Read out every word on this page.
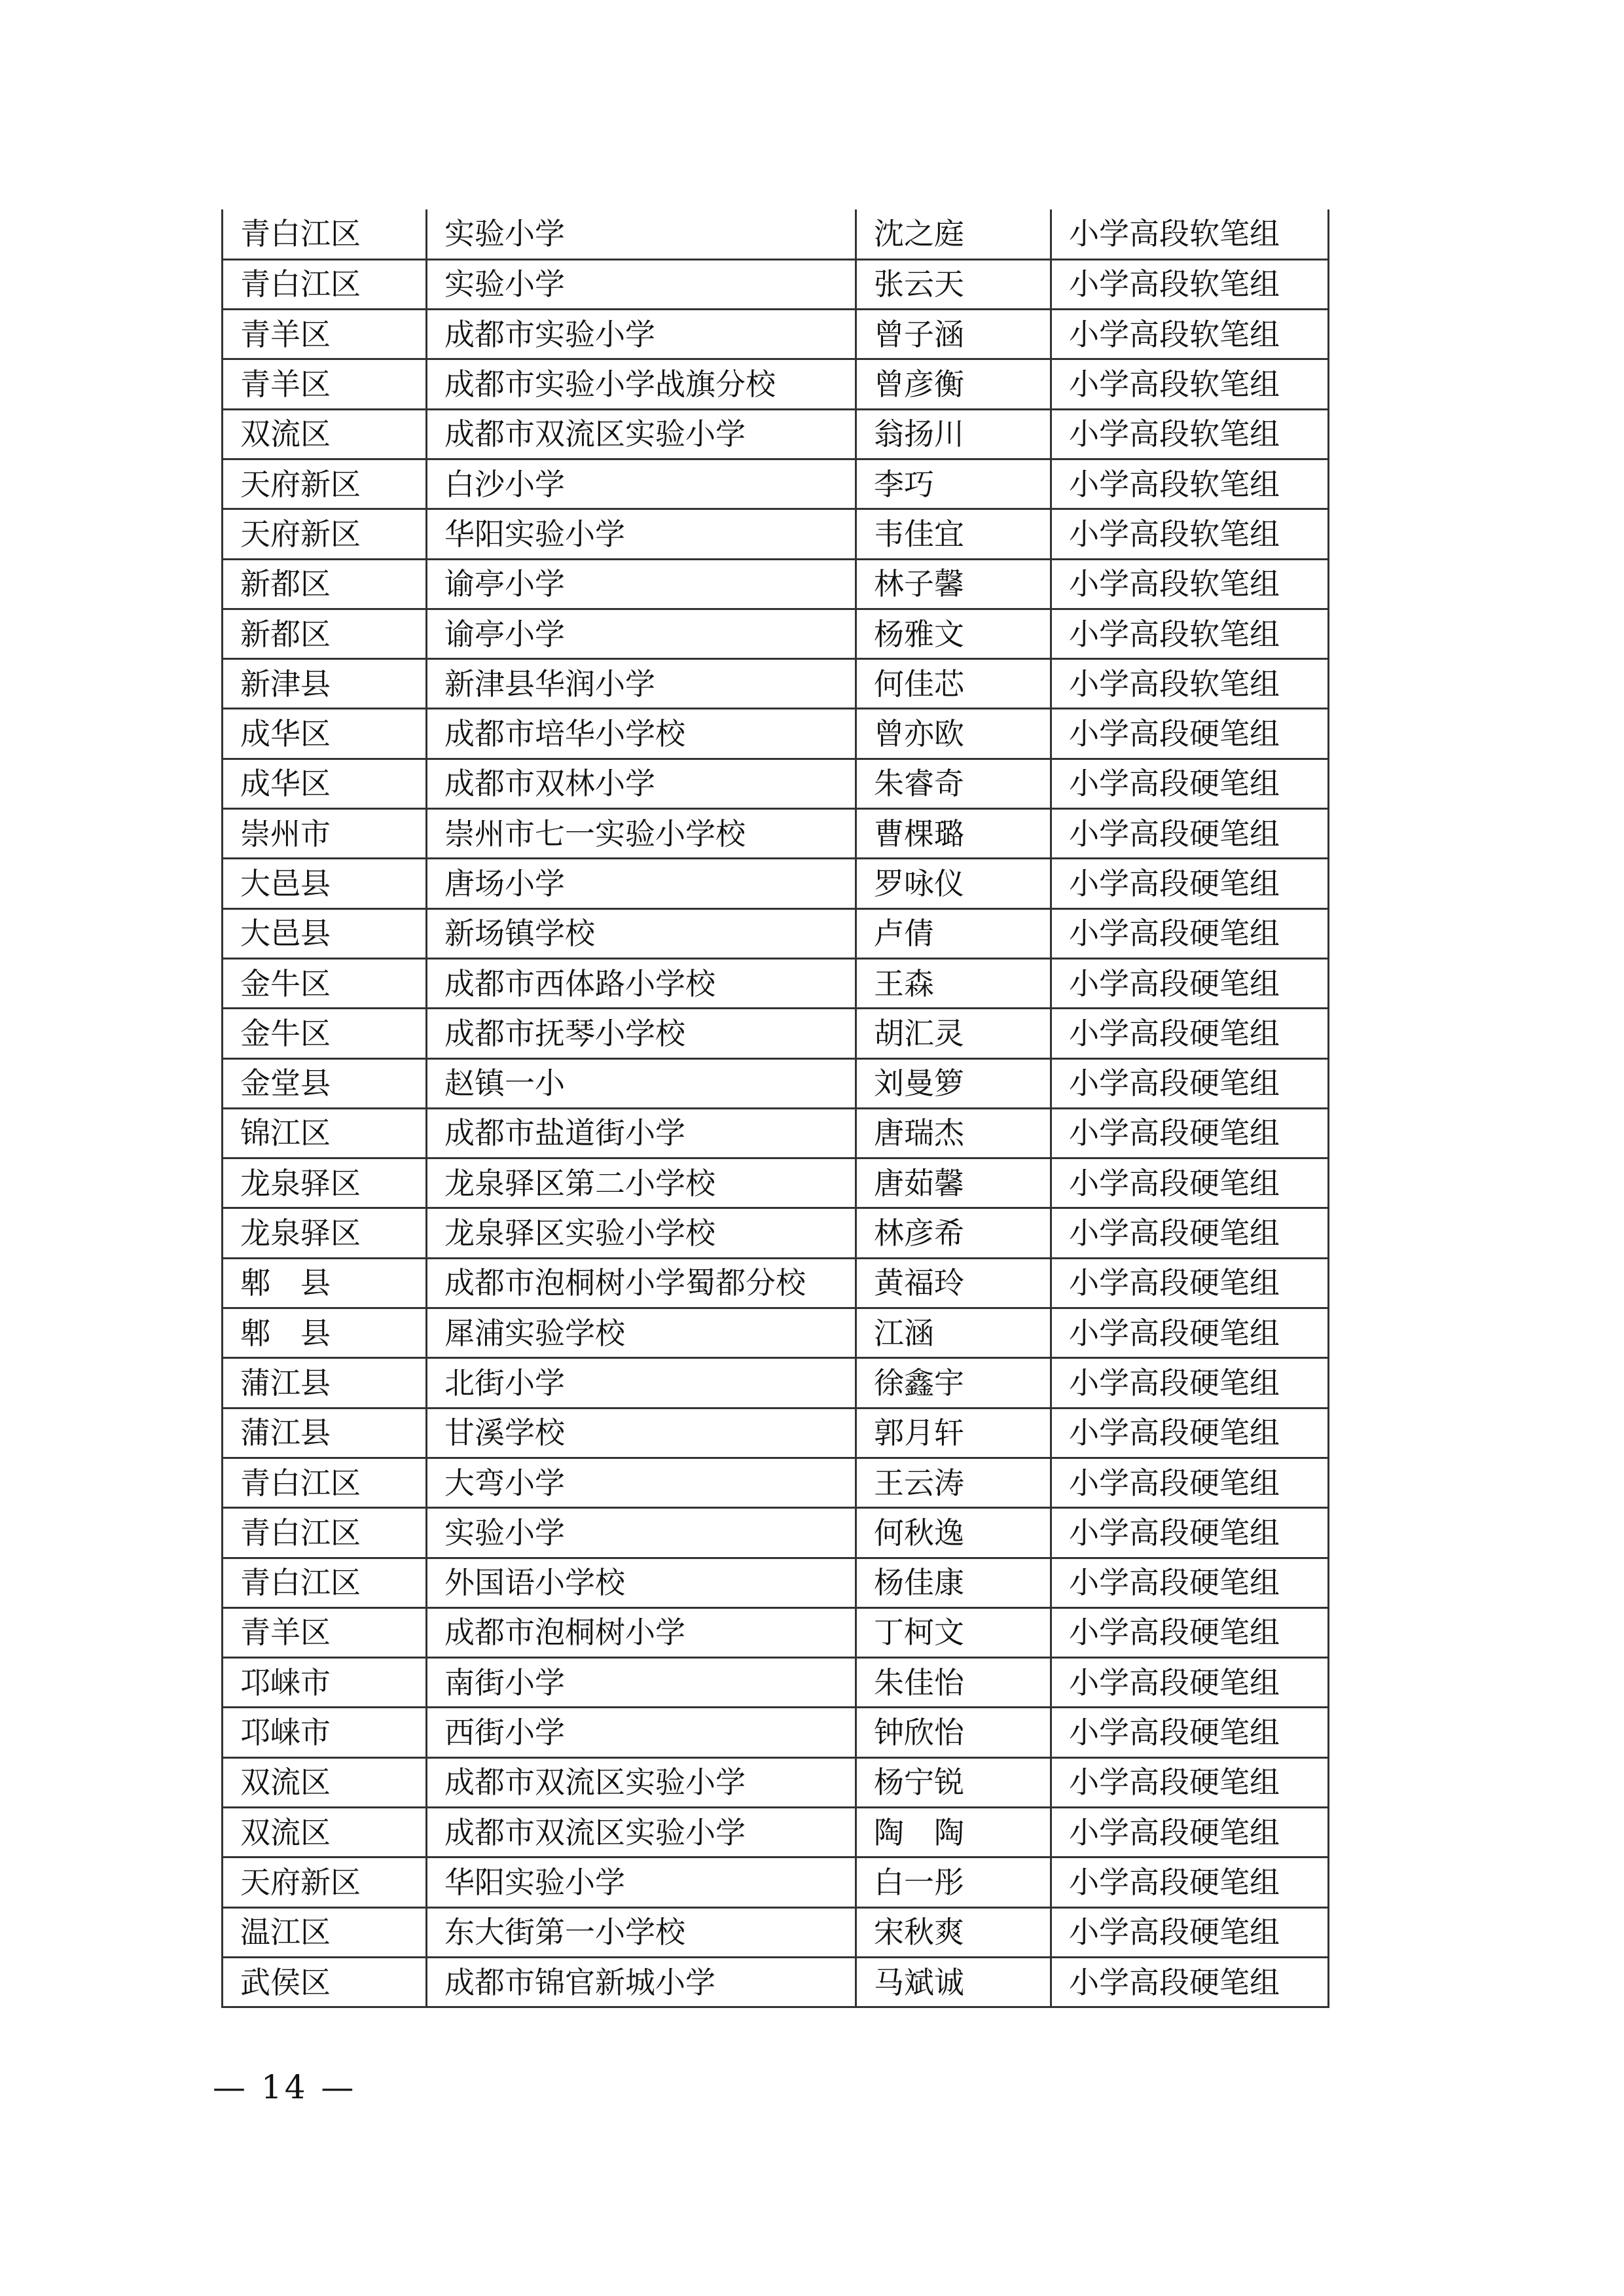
青白江区	实验小学	沈之庭	小学高段软笔组
青白江区	实验小学	张云天	小学高段软笔组
青羊区	成都市实验小学	曾子涵	小学高段软笔组
青羊区	成都市实验小学战旗分校	曾彦衡	小学高段软笔组
双流区	成都市双流区实验小学	翁扬川	小学高段软笔组
天府新区	白沙小学	李巧	小学高段软笔组
天府新区	华阳实验小学	韦佳宜	小学高段软笔组
新都区	谕亭小学	林子馨	小学高段软笔组
新都区	谕亭小学	杨雅文	小学高段软笔组
新津县	新津县华润小学	何佳芯	小学高段软笔组
成华区	成都市培华小学校	曾亦欧	小学高段硬笔组
成华区	成都市双林小学	朱睿奇	小学高段硬笔组
崇州市	崇州市七一实验小学校	曹棵璐	小学高段硬笔组
大邑县	唐场小学	罗咏仪	小学高段硬笔组
大邑县	新场镇学校	卢倩	小学高段硬笔组
金牛区	成都市西体路小学校	王森	小学高段硬笔组
金牛区	成都市抚琴小学校	胡汇灵	小学高段硬笔组
金堂县	赵镇一小	刘曼箩	小学高段硬笔组
锦江区	成都市盐道街小学	唐瑞杰	小学高段硬笔组
龙泉驿区	龙泉驿区第二小学校	唐茹馨	小学高段硬笔组
龙泉驿区	龙泉驿区实验小学校	林彦希	小学高段硬笔组
郫　县	成都市泡桐树小学蜀都分校	黄福玲	小学高段硬笔组
郫　县	犀浦实验学校	江涵	小学高段硬笔组
蒲江县	北街小学	徐鑫宇	小学高段硬笔组
蒲江县	甘溪学校	郭月轩	小学高段硬笔组
青白江区	大弯小学	王云涛	小学高段硬笔组
青白江区	实验小学	何秋逸	小学高段硬笔组
青白江区	外国语小学校	杨佳康	小学高段硬笔组
青羊区	成都市泡桐树小学	丁柯文	小学高段硬笔组
邛崃市	南街小学	朱佳怡	小学高段硬笔组
邛崃市	西街小学	钟欣怡	小学高段硬笔组
双流区	成都市双流区实验小学	杨宁锐	小学高段硬笔组
双流区	成都市双流区实验小学	陶　陶	小学高段硬笔组
天府新区	华阳实验小学	白一彤	小学高段硬笔组
温江区	东大街第一小学校	宋秋爽	小学高段硬笔组
武侯区	成都市锦官新城小学	马斌诚	小学高段硬笔组
— 14 —
